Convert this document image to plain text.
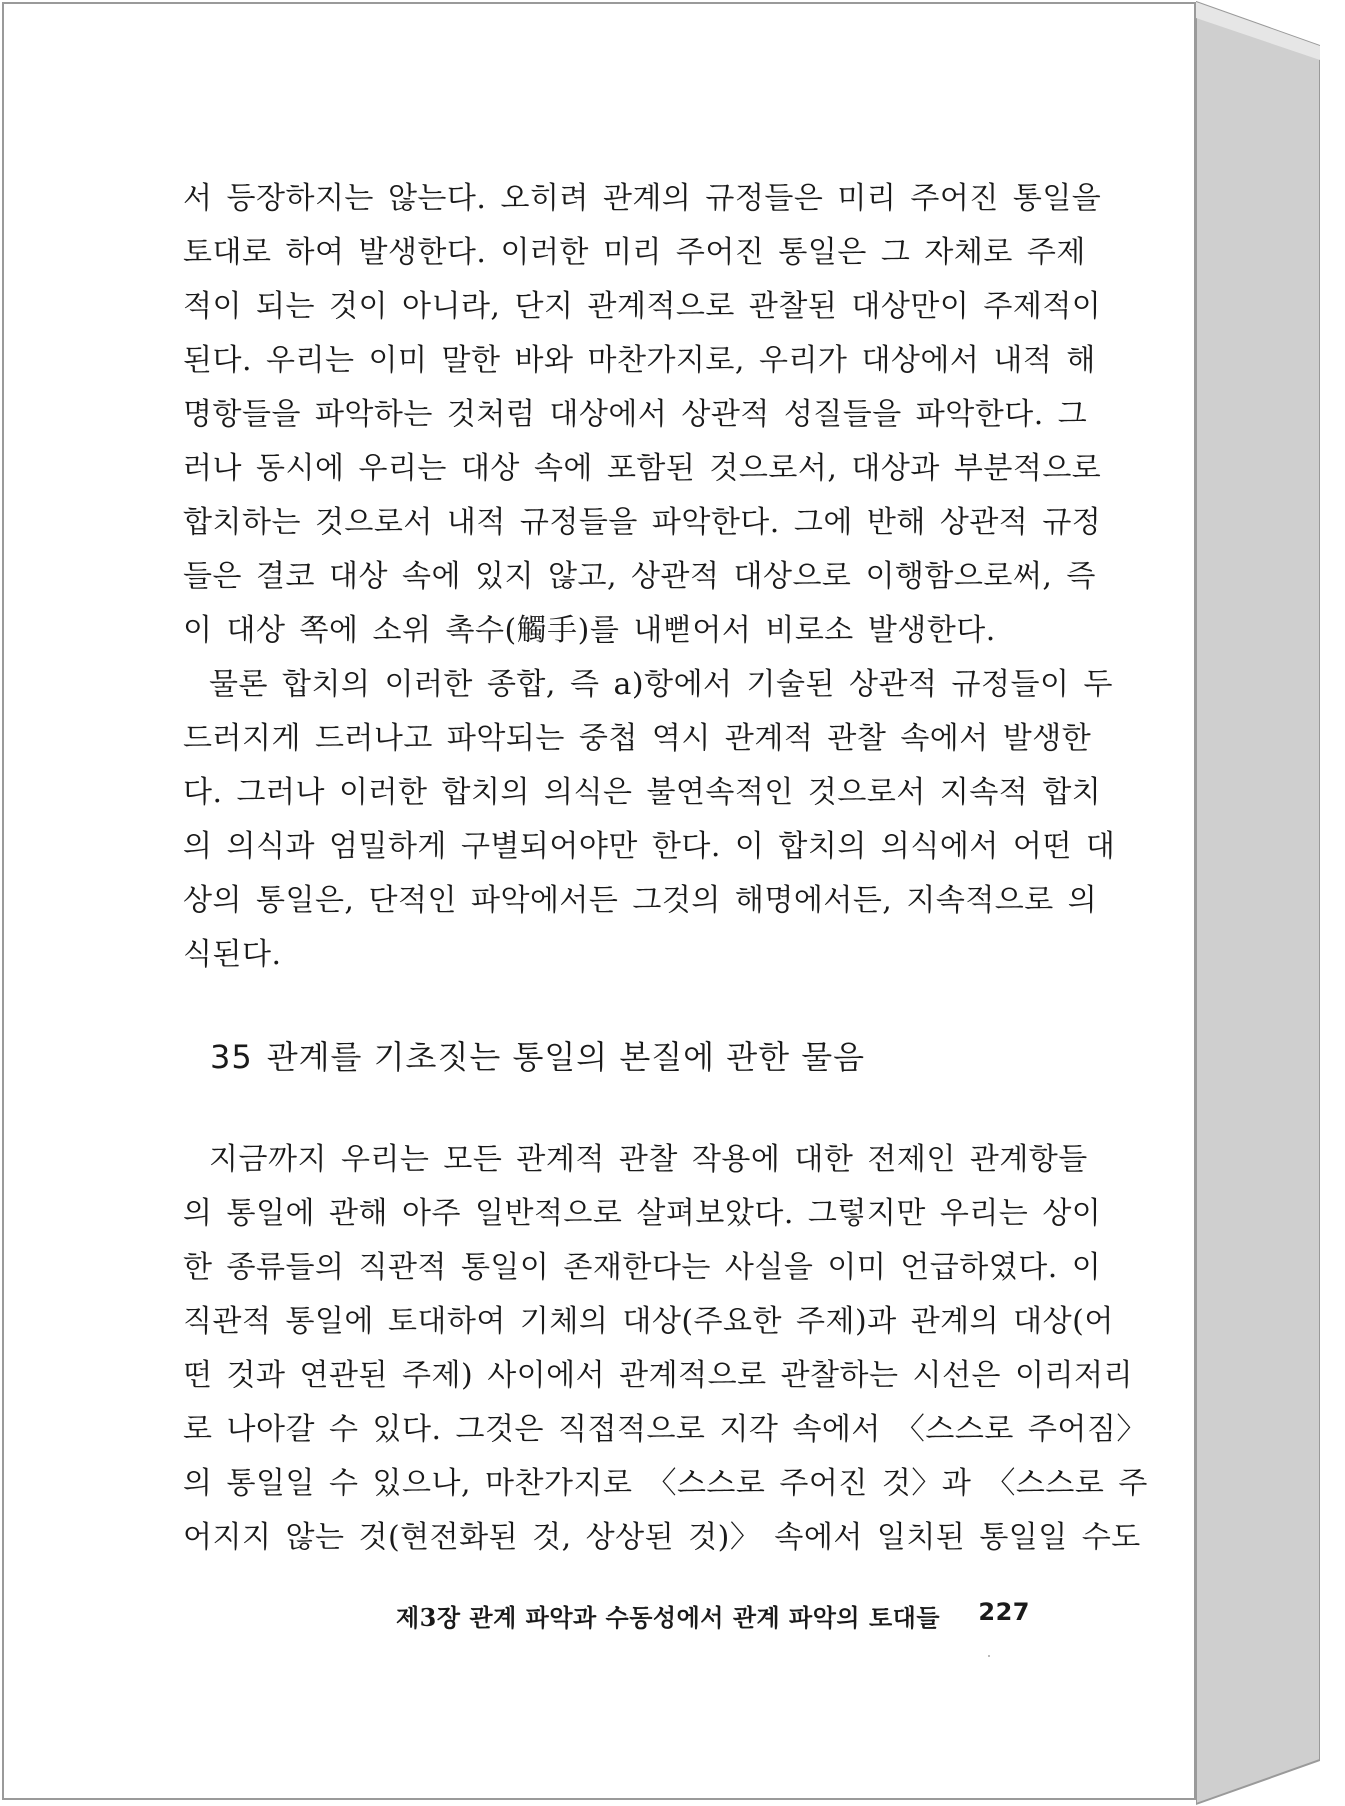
서 등장하지는 않는다. 오히려 관계의 규정들은 미리 주어진 통일을
토대로 하여 발생한다. 이러한 미리 주어진 통일은 그 자체로 주제
적이 되는 것이 아니라, 단지 관계적으로 관찰된 대상만이 주제적이
된다. 우리는 이미 말한 바와 마찬가지로, 우리가 대상에서 내적 해
명항들을 파악하는 것처럼 대상에서 상관적 성질들을 파악한다. 그
러나 동시에 우리는 대상 속에 포함된 것으로서, 대상과 부분적으로
합치하는 것으로서 내적 규정들을 파악한다. 그에 반해 상관적 규정
들은 결코 대상 속에 있지 않고, 상관적 대상으로 이행함으로써, 즉
이 대상 쪽에 소위 촉수(觸手)를 내뻗어서 비로소 발생한다.

물론 합치의 이러한 종합, 즉 a)항에서 기술된 상관적 규정들이 두
드러지게 드러나고 파악되는 중첩 역시 관계적 관찰 속에서 발생한
다. 그러나 이러한 합치의 의식은 불연속적인 것으로서 지속적 합치
의 의식과 엄밀하게 구별되어야만 한다. 이 합치의 의식에서 어떤 대
상의 통일은, 단적인 파악에서든 그것의 해명에서든, 지속적으로 의
식된다.

35 관계를 기초짓는 통일의 본질에 관한 물음

지금까지 우리는 모든 관계적 관찰 작용에 대한 전제인 관계항들
의 통일에 관해 아주 일반적으로 살펴보았다. 그렇지만 우리는 상이
한 종류들의 직관적 통일이 존재한다는 사실을 이미 언급하였다. 이
직관적 통일에 토대하여 기체의 대상(주요한 주제)과 관계의 대상(어
떤 것과 연관된 주제) 사이에서 관계적으로 관찰하는 시선은 이리저리
로 나아갈 수 있다. 그것은 직접적으로 지각 속에서 〈스스로 주어짐〉
의 통일일 수 있으나, 마찬가지로 〈스스로 주어진 것〉과 〈스스로 주
어지지 않는 것(현전화된 것, 상상된 것)〉 속에서 일치된 통일일 수도

제3장 관계 파악과 수동성에서 관계 파악의 토대들 227
